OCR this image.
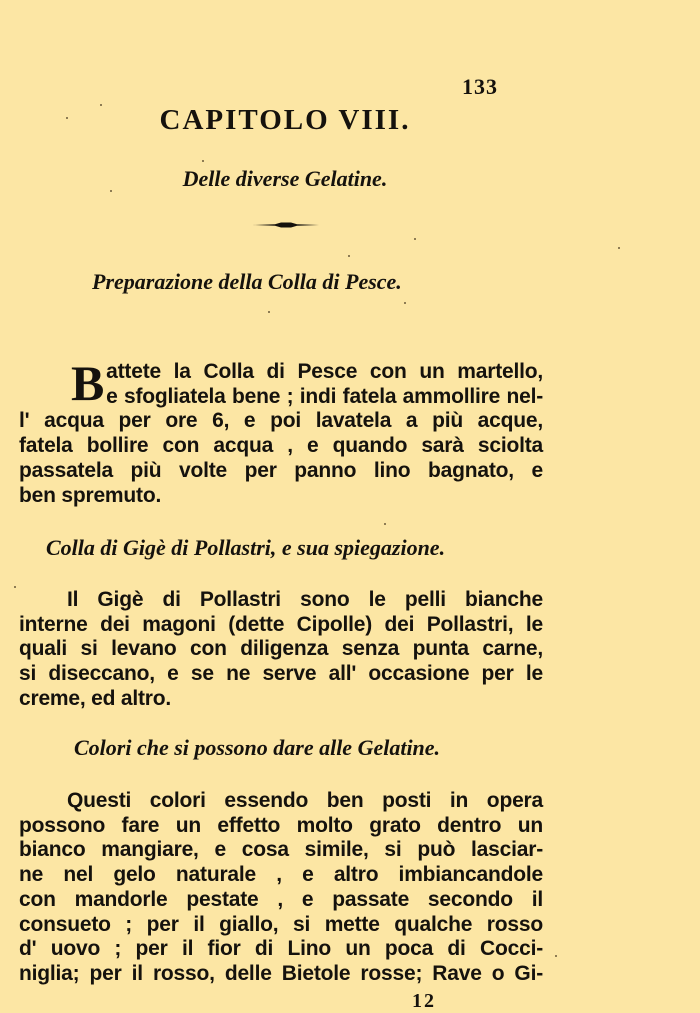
133
CAPITOLO VIII.
Delle diverse Gelatine.
Preparazione della Colla di Pesce.
B attete la Colla di Pesce con un martello,
e sfogliatela bene ; indi fatela ammollire nel-
l' acqua per ore 6, e poi lavatela a più acque,
fatela bollire con acqua , e quando sarà sciolta
passatela più volte per panno lino bagnato, e
ben spremuto.
Colla di Gigè di Pollastri, e sua spiegazione.
Il Gigè di Pollastri sono le pelli bianche
interne dei magoni (dette Cipolle) dei Pollastri, le
quali si levano con diligenza senza punta carne,
si diseccano, e se ne serve all' occasione per le
creme, ed altro.
Colori che si possono dare alle Gelatine.
Questi colori essendo ben posti in opera
possono fare un effetto molto grato dentro un
bianco mangiare, e cosa simile, si può lasciar-
ne nel gelo naturale , e altro imbiancandole
con mandorle pestate , e passate secondo il
consueto ; per il giallo, si mette qualche rosso
d' uovo ; per il fior di Lino un poca di Cocci-
niglia; per il rosso, delle Bietole rosse; Rave o Gi-
12
